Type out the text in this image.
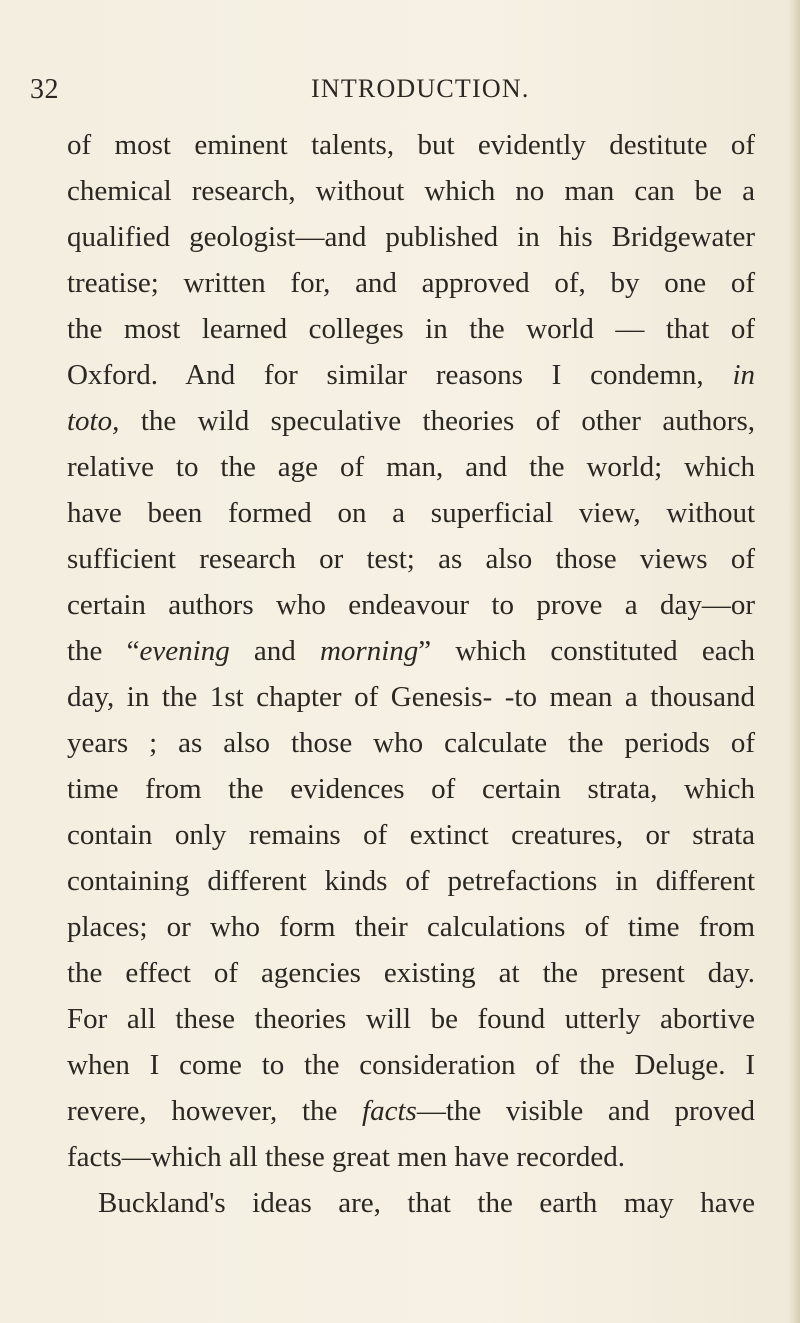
32	INTRODUCTION.
of most eminent talents, but evidently destitute of
chemical research, without which no man can be a
qualified geologist—and published in his Bridgewater
treatise; written for, and approved of, by one of
the most learned colleges in the world — that of
Oxford. And for similar reasons I condemn, in
toto, the wild speculative theories of other authors,
relative to the age of man, and the world; which
have been formed on a superficial view, without
sufficient research or test; as also those views of
certain authors who endeavour to prove a day—or
the “evening and morning” which constituted each
day, in the 1st chapter of Genesis- -to mean a thousand
years ; as also those who calculate the periods of
time from the evidences of certain strata, which
contain only remains of extinct creatures, or strata
containing different kinds of petrefactions in different
places; or who form their calculations of time from
the effect of agencies existing at the present day.
For all these theories will be found utterly abortive
when I come to the consideration of the Deluge. I
revere, however, the facts—the visible and proved
facts—which all these great men have recorded.
Buckland's ideas are, that the earth may have
